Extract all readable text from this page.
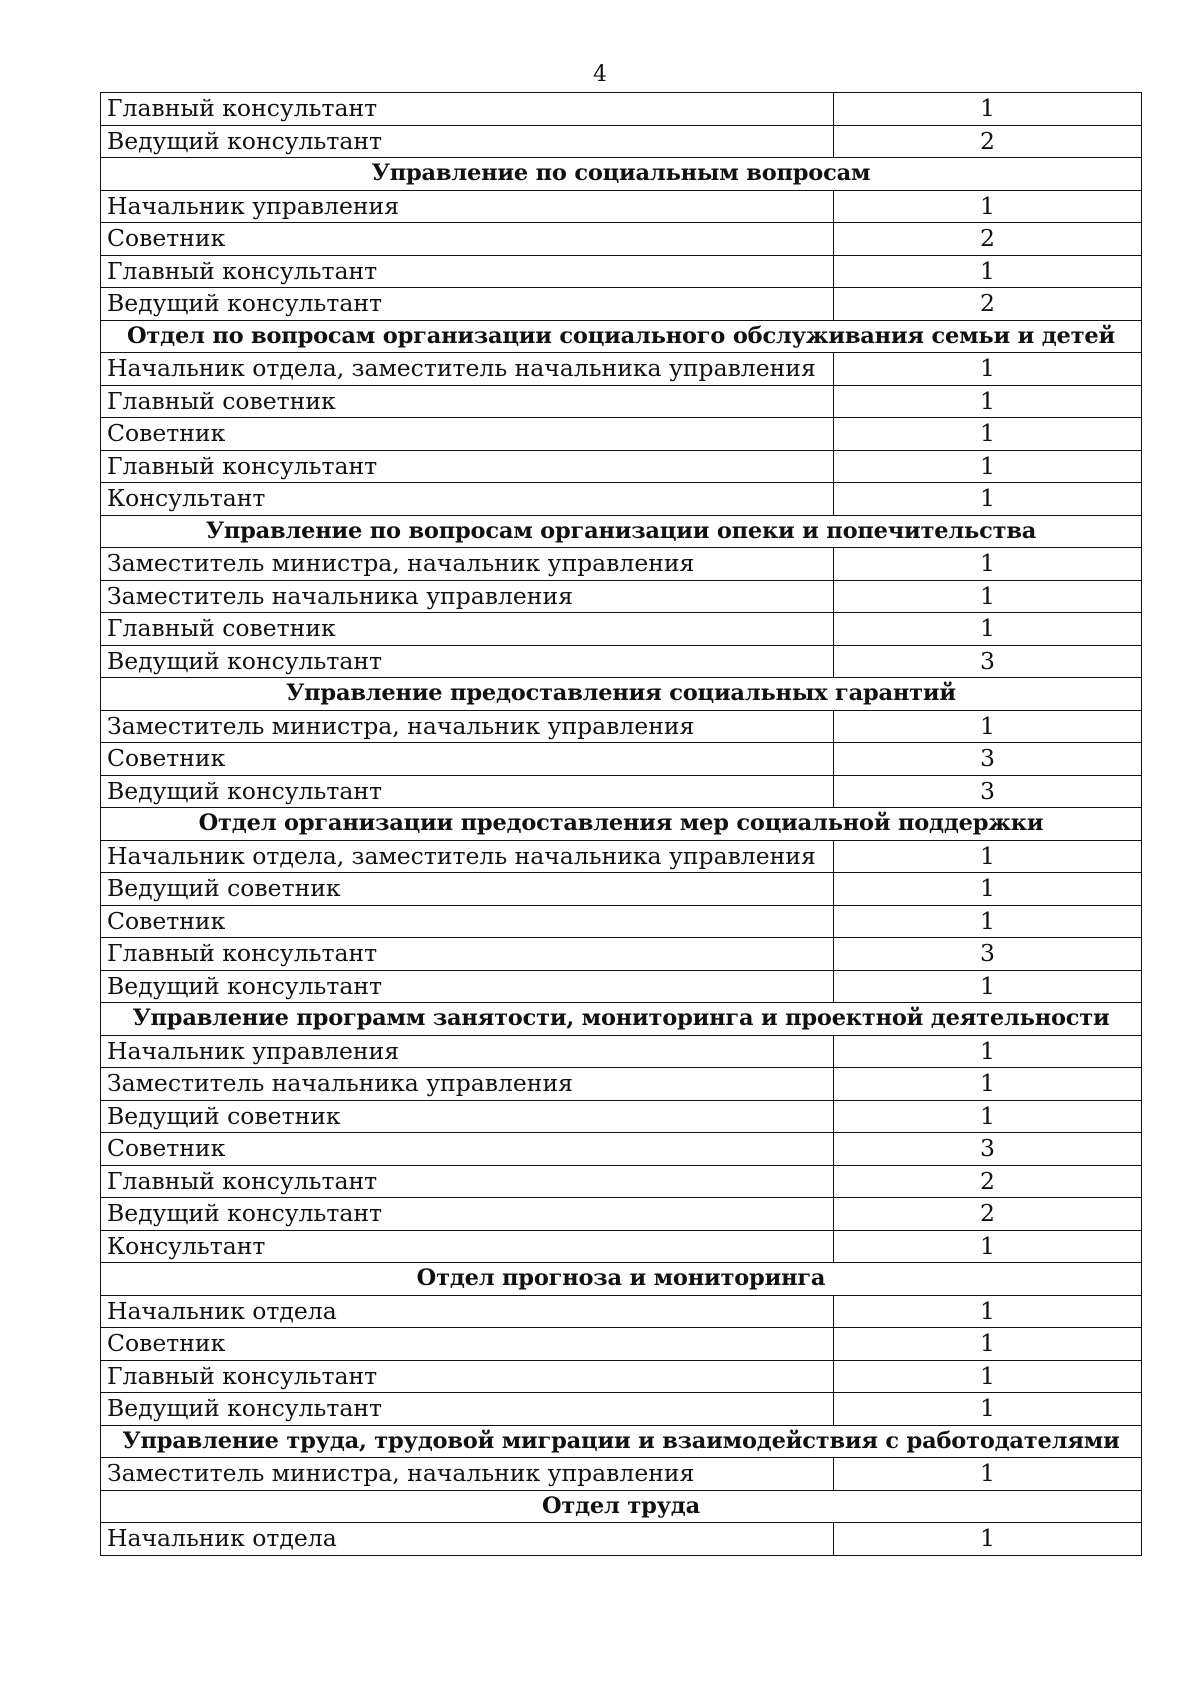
4
Главный консультант	1
Ведущий консультант	2
Управление по социальным вопросам	
Начальник управления	1
Советник	2
Главный консультант	1
Ведущий консультант	2
Отдел по вопросам организации социального обслуживания семьи и детей	
Начальник отдела, заместитель начальника управления	1
Главный советник	1
Советник	1
Главный консультант	1
Консультант	1
Управление по вопросам организации опеки и попечительства	
Заместитель министра, начальник управления	1
Заместитель начальника управления	1
Главный советник	1
Ведущий консультант	3
Управление предоставления социальных гарантий	
Заместитель министра, начальник управления	1
Советник	3
Ведущий консультант	3
Отдел организации предоставления мер социальной поддержки	
Начальник отдела, заместитель начальника управления	1
Ведущий советник	1
Советник	1
Главный консультант	3
Ведущий консультант	1
Управление программ занятости, мониторинга и проектной деятельности	
Начальник управления	1
Заместитель начальника управления	1
Ведущий советник	1
Советник	3
Главный консультант	2
Ведущий консультант	2
Консультант	1
Отдел прогноза и мониторинга	
Начальник отдела	1
Советник	1
Главный консультант	1
Ведущий консультант	1
Управление труда, трудовой миграции и взаимодействия с работодателями	
Заместитель министра, начальник управления	1
Отдел труда	
Начальник отдела	1
